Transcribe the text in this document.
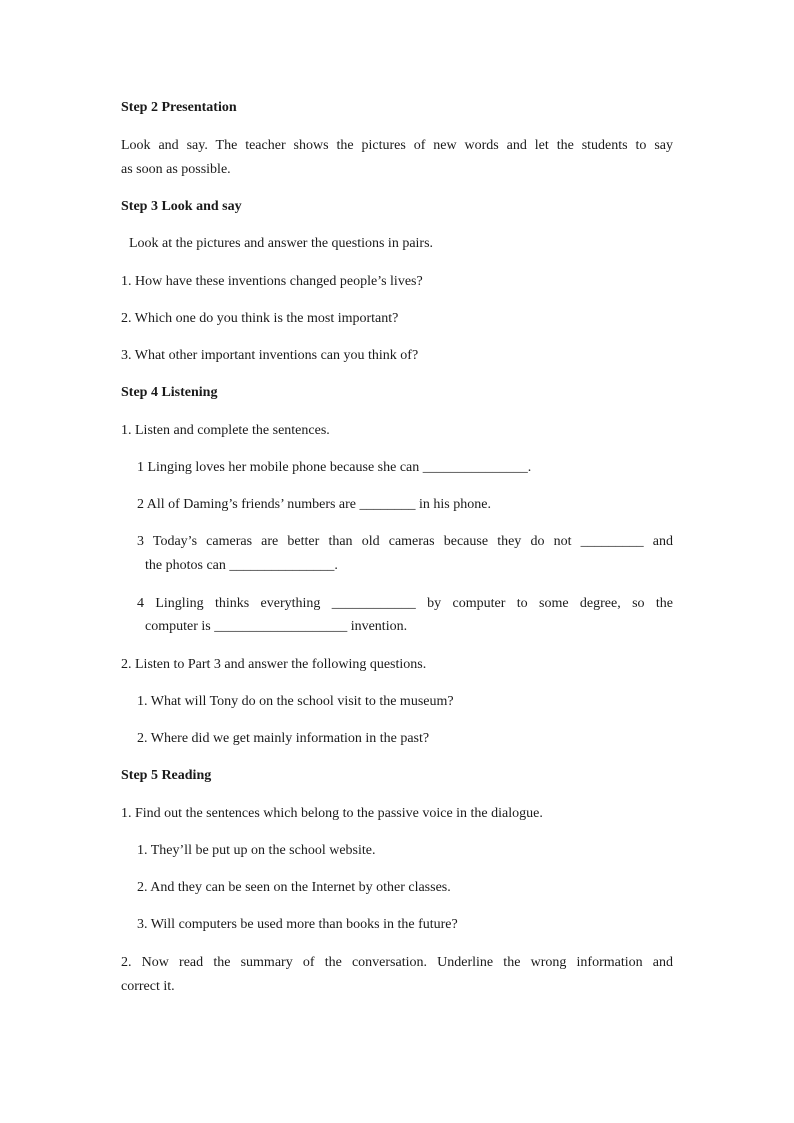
Step 2 Presentation
Look and say. The teacher shows the pictures of new words and let the students to say
as soon as possible.
Step 3 Look and say
Look at the pictures and answer the questions in pairs.
1. How have these inventions changed people’s lives?
2. Which one do you think is the most important?
3. What other important inventions can you think of?
Step 4 Listening
1. Listen and complete the sentences.
1 Linging loves her mobile phone because she can _______________.
2 All of Daming’s friends’ numbers are ________ in his phone.
3 Today’s cameras are better than old cameras because they do not _________ and
the photos can _______________.
4 Lingling thinks everything ____________ by computer to some degree, so the
computer is ___________________ invention.
2. Listen to Part 3 and answer the following questions.
1. What will Tony do on the school visit to the museum?
2. Where did we get mainly information in the past?
Step 5 Reading
1. Find out the sentences which belong to the passive voice in the dialogue.
1. They’ll be put up on the school website.
2. And they can be seen on the Internet by other classes.
3. Will computers be used more than books in the future?
2. Now read the summary of the conversation. Underline the wrong information and
correct it.
